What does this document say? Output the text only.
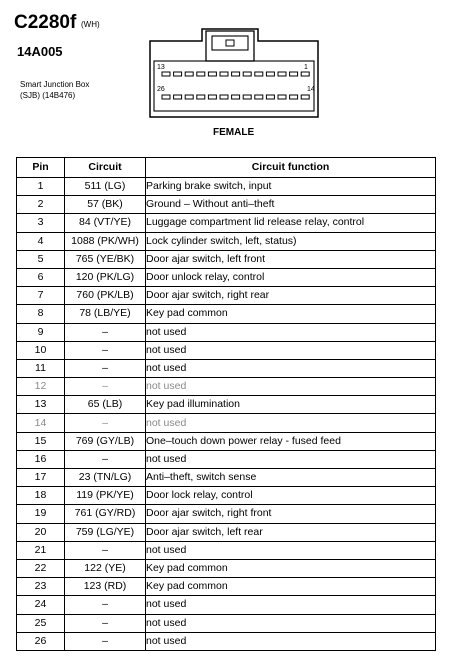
C2280f (WH)
14A005
Smart Junction Box
(SJB) (14B476)
13	1
26	14
FEMALE
Pin	Circuit	Circuit function
1	511 (LG)	Parking brake switch, input
2	57 (BK)	Ground – Without anti–theft
3	84 (VT/YE)	Luggage compartment lid release relay, control
4	1088 (PK/WH)	Lock cylinder switch, left, status)
5	765 (YE/BK)	Door ajar switch, left front
6	120 (PK/LG)	Door unlock relay, control
7	760 (PK/LB)	Door ajar switch, right rear
8	78 (LB/YE)	Key pad common
9	–	not used
10	–	not used
11	–	not used
12	–	not used
13	65 (LB)	Key pad illumination
14	–	not used
15	769 (GY/LB)	One–touch down power relay - fused feed
16	–	not used
17	23 (TN/LG)	Anti–theft, switch sense
18	119 (PK/YE)	Door lock relay, control
19	761 (GY/RD)	Door ajar switch, right front
20	759 (LG/YE)	Door ajar switch, left rear
21	–	not used
22	122 (YE)	Key pad common
23	123 (RD)	Key pad common
24	–	not used
25	–	not used
26	–	not used
